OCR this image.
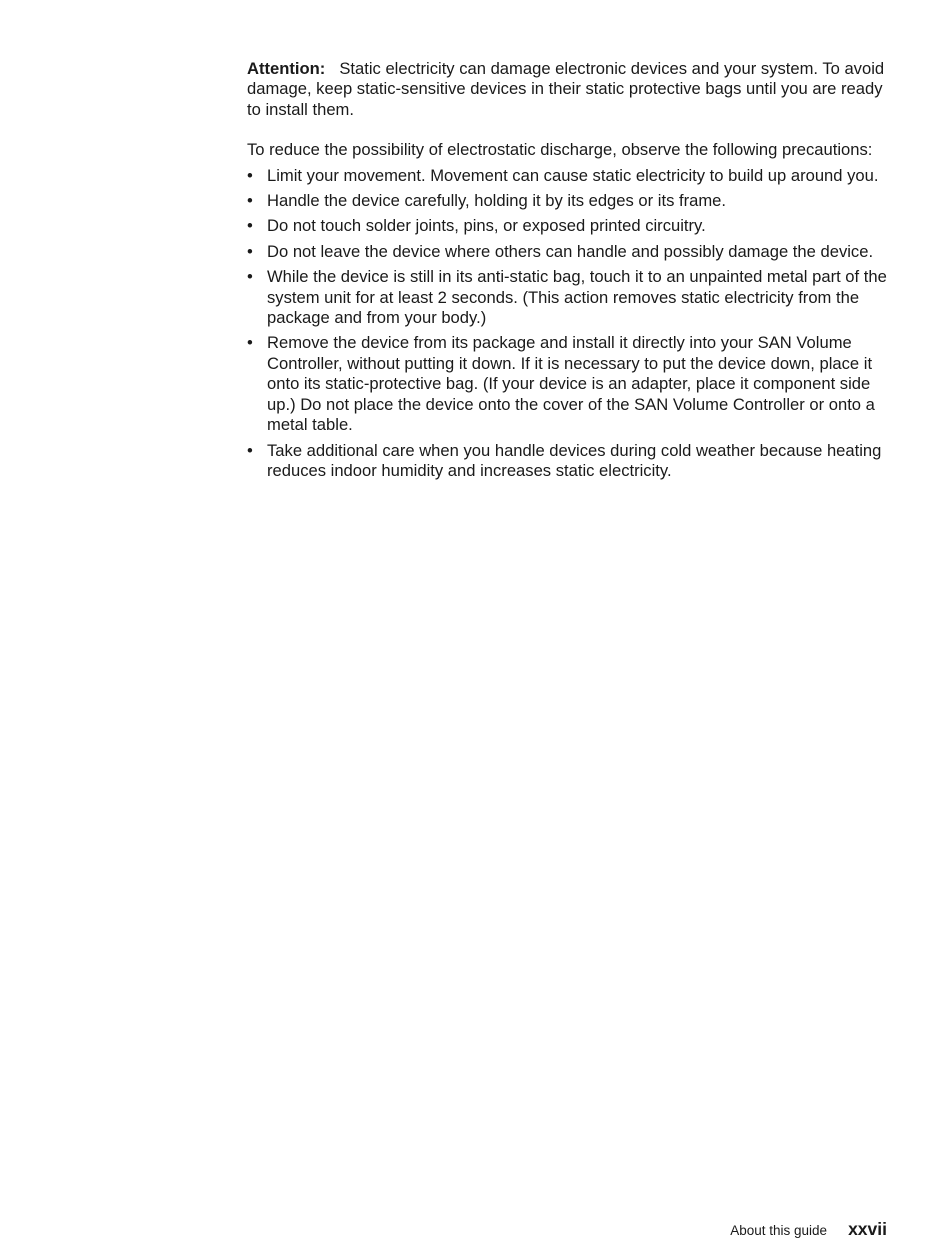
Attention: Static electricity can damage electronic devices and your system. To avoid damage, keep static-sensitive devices in their static protective bags until you are ready to install them.

To reduce the possibility of electrostatic discharge, observe the following precautions:

• Limit your movement. Movement can cause static electricity to build up around you.
• Handle the device carefully, holding it by its edges or its frame.
• Do not touch solder joints, pins, or exposed printed circuitry.
• Do not leave the device where others can handle and possibly damage the device.
• While the device is still in its anti-static bag, touch it to an unpainted metal part of the system unit for at least 2 seconds. (This action removes static electricity from the package and from your body.)
• Remove the device from its package and install it directly into your SAN Volume Controller, without putting it down. If it is necessary to put the device down, place it onto its static-protective bag. (If your device is an adapter, place it component side up.) Do not place the device onto the cover of the SAN Volume Controller or onto a metal table.
• Take additional care when you handle devices during cold weather because heating reduces indoor humidity and increases static electricity.
About this guide xxvii
